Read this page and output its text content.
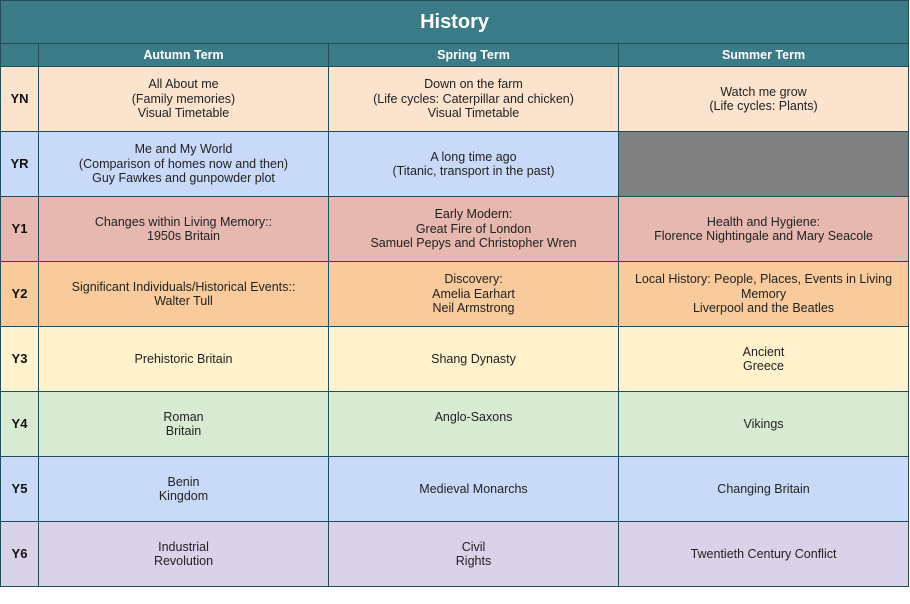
History			
	Autumn Term	Spring Term	Summer Term
YN	All About me
(Family memories)
Visual Timetable	Down on the farm
(Life cycles: Caterpillar and chicken)
Visual Timetable	Watch me grow
(Life cycles: Plants)
YR	Me and My World
(Comparison of homes now and then)
Guy Fawkes and gunpowder plot	A long time ago
(Titanic, transport in the past)	
Y1	Changes within Living Memory::
1950s Britain	Early Modern:
Great Fire of London
Samuel Pepys and Christopher Wren	Health and Hygiene:
Florence Nightingale and Mary Seacole
Y2	Significant Individuals/Historical Events::
Walter Tull	Discovery:
Amelia Earhart
Neil Armstrong	Local History: People, Places, Events in Living Memory
Liverpool and the Beatles
Y3	Prehistoric Britain	Shang Dynasty	Ancient
Greece
Y4	Roman
Britain	Anglo-Saxons	Vikings
Y5	Benin
Kingdom	Medieval Monarchs	Changing Britain
Y6	Industrial
Revolution	Civil
Rights	Twentieth Century Conflict
